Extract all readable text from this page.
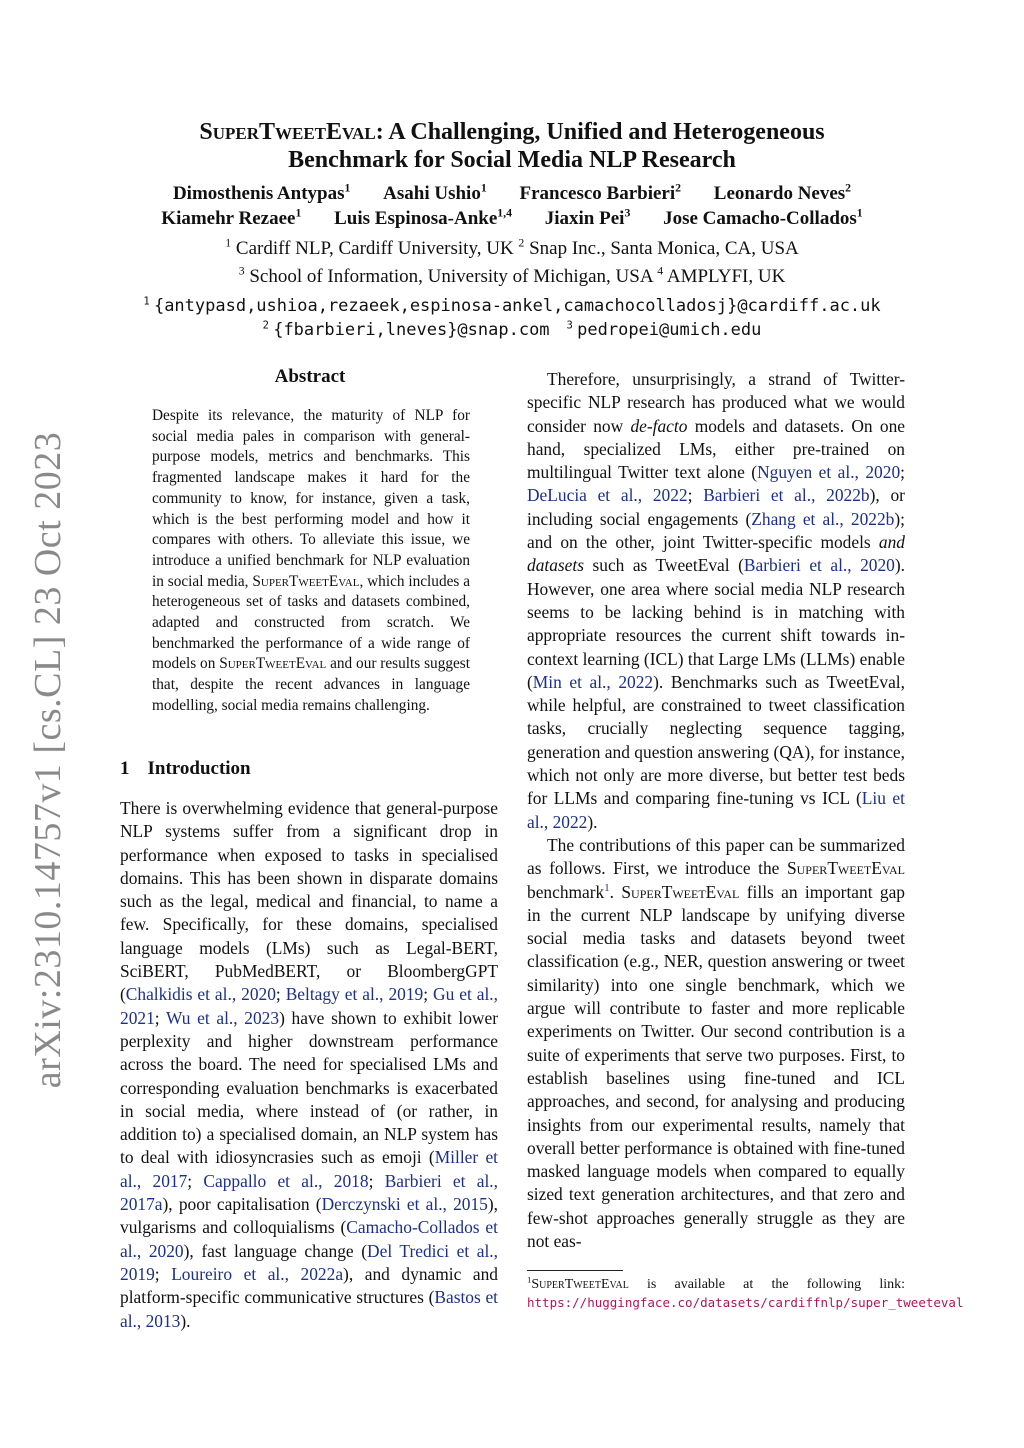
arXiv:2310.14757v1 [cs.CL] 23 Oct 2023
SuperTweetEval: A Challenging, Unified and Heterogeneous
Benchmark for Social Media NLP Research
Dimosthenis Antypas$^1$ Asahi Ushio$^1$ Francesco Barbieri$^2$ Leonardo Neves$^2$
Kiamehr Rezaee$^1$ Luis Espinosa-Anke$^{1,4}$ Jiaxin Pei$^3$ Jose Camacho-Collados$^1$
$^1$ Cardiff NLP, Cardiff University, UK $^2$ Snap Inc., Santa Monica, CA, USA
$^3$ School of Information, University of Michigan, USA $^4$ AMPLYFI, UK
$^1$ {antypasd,ushioa,rezaeek,espinosa-ankel,camachocolladosj}@cardiff.ac.uk
$^2$ {fbarbieri,lneves}@snap.com $^3$ pedropei@umich.edu
Abstract

Despite its relevance, the maturity of NLP for social media pales in comparison with general-purpose models, metrics and benchmarks. This fragmented landscape makes it hard for the community to know, for instance, given a task, which is the best performing model and how it compares with others. To alleviate this issue, we introduce a unified benchmark for NLP evaluation in social media, SuperTweetEval, which includes a heterogeneous set of tasks and datasets combined, adapted and constructed from scratch. We benchmarked the performance of a wide range of models on SuperTweetEval and our results suggest that, despite the recent advances in language modelling, social media remains challenging.

1 Introduction

There is overwhelming evidence that general-purpose NLP systems suffer from a significant drop in performance when exposed to tasks in specialised domains. This has been shown in disparate domains such as the legal, medical and financial, to name a few. Specifically, for these domains, specialised language models (LMs) such as Legal-BERT, SciBERT, PubMedBERT, or BloombergGPT (Chalkidis et al., 2020; Beltagy et al., 2019; Gu et al., 2021; Wu et al., 2023) have shown to exhibit lower perplexity and higher downstream performance across the board. The need for specialised LMs and corresponding evaluation benchmarks is exacerbated in social media, where instead of (or rather, in addition to) a specialised domain, an NLP system has to deal with idiosyncrasies such as emoji (Miller et al., 2017; Cappallo et al., 2018; Barbieri et al., 2017a), poor capitalisation (Derczynski et al., 2015), vulgarisms and colloquialisms (Camacho-Collados et al., 2020), fast language change (Del Tredici et al., 2019; Loureiro et al., 2022a), and dynamic and platform-specific communicative structures (Bastos et al., 2013).

Therefore, unsurprisingly, a strand of Twitter-specific NLP research has produced what we would consider now de-facto models and datasets. On one hand, specialized LMs, either pre-trained on multilingual Twitter text alone (Nguyen et al., 2020; DeLucia et al., 2022; Barbieri et al., 2022b), or including social engagements (Zhang et al., 2022b); and on the other, joint Twitter-specific models and datasets such as TweetEval (Barbieri et al., 2020). However, one area where social media NLP research seems to be lacking behind is in matching with appropriate resources the current shift towards in-context learning (ICL) that Large LMs (LLMs) enable (Min et al., 2022). Benchmarks such as TweetEval, while helpful, are constrained to tweet classification tasks, crucially neglecting sequence tagging, generation and question answering (QA), for instance, which not only are more diverse, but better test beds for LLMs and comparing fine-tuning vs ICL (Liu et al., 2022).

The contributions of this paper can be summarized as follows. First, we introduce the SuperTweetEval benchmark$^1$. SuperTweetEval fills an important gap in the current NLP landscape by unifying diverse social media tasks and datasets beyond tweet classification (e.g., NER, question answering or tweet similarity) into one single benchmark, which we argue will contribute to faster and more replicable experiments on Twitter. Our second contribution is a suite of experiments that serve two purposes. First, to establish baselines using fine-tuned and ICL approaches, and second, for analysing and producing insights from our experimental results, namely that overall better performance is obtained with fine-tuned masked language models when compared to equally sized text generation architectures, and that zero and few-shot approaches generally struggle as they are not eas-

$^1$SuperTweetEval is available at the following link: https://huggingface.co/datasets/cardiffnlp/super_tweeteval
